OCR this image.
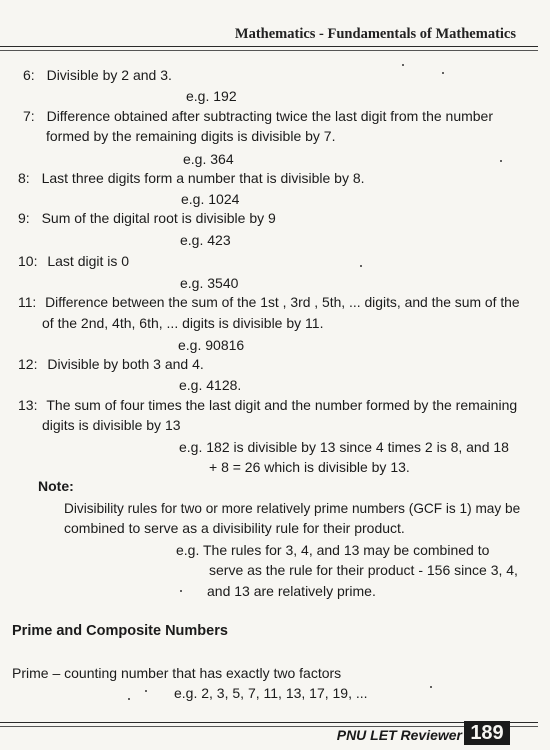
Mathematics - Fundamentals of Mathematics
6: Divisible by 2 and 3.
e.g. 192
7: Difference obtained after subtracting twice the last digit from the number
formed by the remaining digits is divisible by 7.
e.g. 364
8: Last three digits form a number that is divisible by 8.
e.g. 1024
9: Sum of the digital root is divisible by 9
e.g. 423
10: Last digit is 0
e.g. 3540
11: Difference between the sum of the 1st , 3rd , 5th, ... digits, and the sum of the
of the 2nd, 4th, 6th, ... digits is divisible by 11.
e.g. 90816
12: Divisible by both 3 and 4.
e.g. 4128.
13: The sum of four times the last digit and the number formed by the remaining
digits is divisible by 13
e.g. 182 is divisible by 13 since 4 times 2 is 8, and 18
+ 8 = 26 which is divisible by 13.
Note:
Divisibility rules for two or more relatively prime numbers (GCF is 1) may be
combined to serve as a divisibility rule for their product.
e.g. The rules for 3, 4, and 13 may be combined to
serve as the rule for their product - 156 since 3, 4,
and 13 are relatively prime.
Prime and Composite Numbers
Prime – counting number that has exactly two factors
e.g. 2, 3, 5, 7, 11, 13, 17, 19, ...
PNU LET Reviewer 189
